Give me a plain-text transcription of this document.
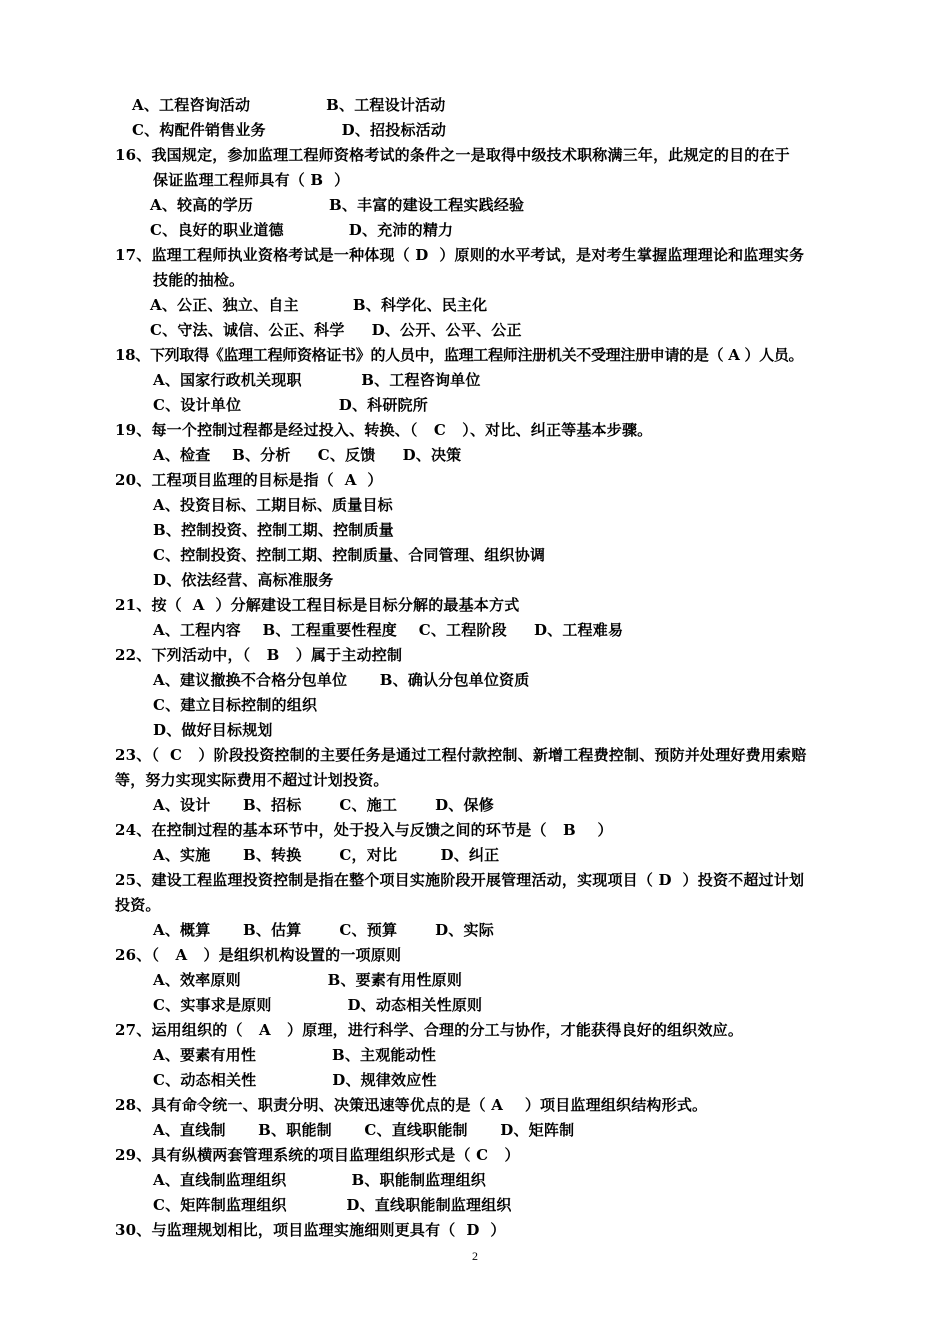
A、工程咨询活动              B、工程设计活动
C、构配件销售业务              D、招投标活动
16、我国规定，参加监理工程师资格考试的条件之一是取得中级技术职称满三年，此规定的目的在于
保证监理工程师具有（ B  ）
A、较高的学历              B、丰富的建设工程实践经验
C、良好的职业道德            D、充沛的精力
17、监理工程师执业资格考试是一种体现（ D  ）原则的水平考试，是对考生掌握监理理论和监理实务
技能的抽检。
A、公正、独立、自主          B、科学化、民主化
C、守法、诚信、公正、科学     D、公开、公平、公正
18、下列取得《监理工程师资格证书》的人员中，监理工程师注册机关不受理注册申请的是（ A ）人员。
A、国家行政机关现职           B、工程咨询单位
C、设计单位                  D、科研院所
19、每一个控制过程都是经过投入、转换、（   C   ）、对比、纠正等基本步骤。
A、检查    B、分析     C、反馈     D、决策
20、工程项目监理的目标是指（  A  ）
A、投资目标、工期目标、质量目标
B、控制投资、控制工期、控制质量
C、控制投资、控制工期、控制质量、合同管理、组织协调
D、依法经营、高标准服务
21、按（  A  ）分解建设工程目标是目标分解的最基本方式
A、工程内容    B、工程重要性程度    C、工程阶段     D、工程难易
22、下列活动中，（   B   ）属于主动控制
A、建议撤换不合格分包单位      B、确认分包单位资质
C、建立目标控制的组织
D、做好目标规划
23、（  C   ）阶段投资控制的主要任务是通过工程付款控制、新增工程费控制、预防并处理好费用索赔
等，努力实现实际费用不超过计划投资。
A、设计      B、招标       C、施工       D、保修
24、在控制过程的基本环节中，处于投入与反馈之间的环节是（   B    ）
A、实施      B、转换       C，对比        D、纠正
25、建设工程监理投资控制是指在整个项目实施阶段开展管理活动，实现项目（ D  ）投资不超过计划
投资。
A、概算      B、估算       C、预算       D、实际
26、（   A   ）是组织机构设置的一项原则
A、效率原则                B、要素有用性原则
C、实事求是原则              D、动态相关性原则
27、运用组织的（   A   ）原理，进行科学、合理的分工与协作，才能获得良好的组织效应。
A、要素有用性              B、主观能动性
C、动态相关性              D、规律效应性
28、具有命令统一、职责分明、决策迅速等优点的是（ A    ）项目监理组织结构形式。
A、直线制      B、职能制      C、直线职能制      D、矩阵制
29、具有纵横两套管理系统的项目监理组织形式是（ C   ）
A、直线制监理组织            B、职能制监理组织
C、矩阵制监理组织           D、直线职能制监理组织
30、与监理规划相比，项目监理实施细则更具有（  D  ）
2
